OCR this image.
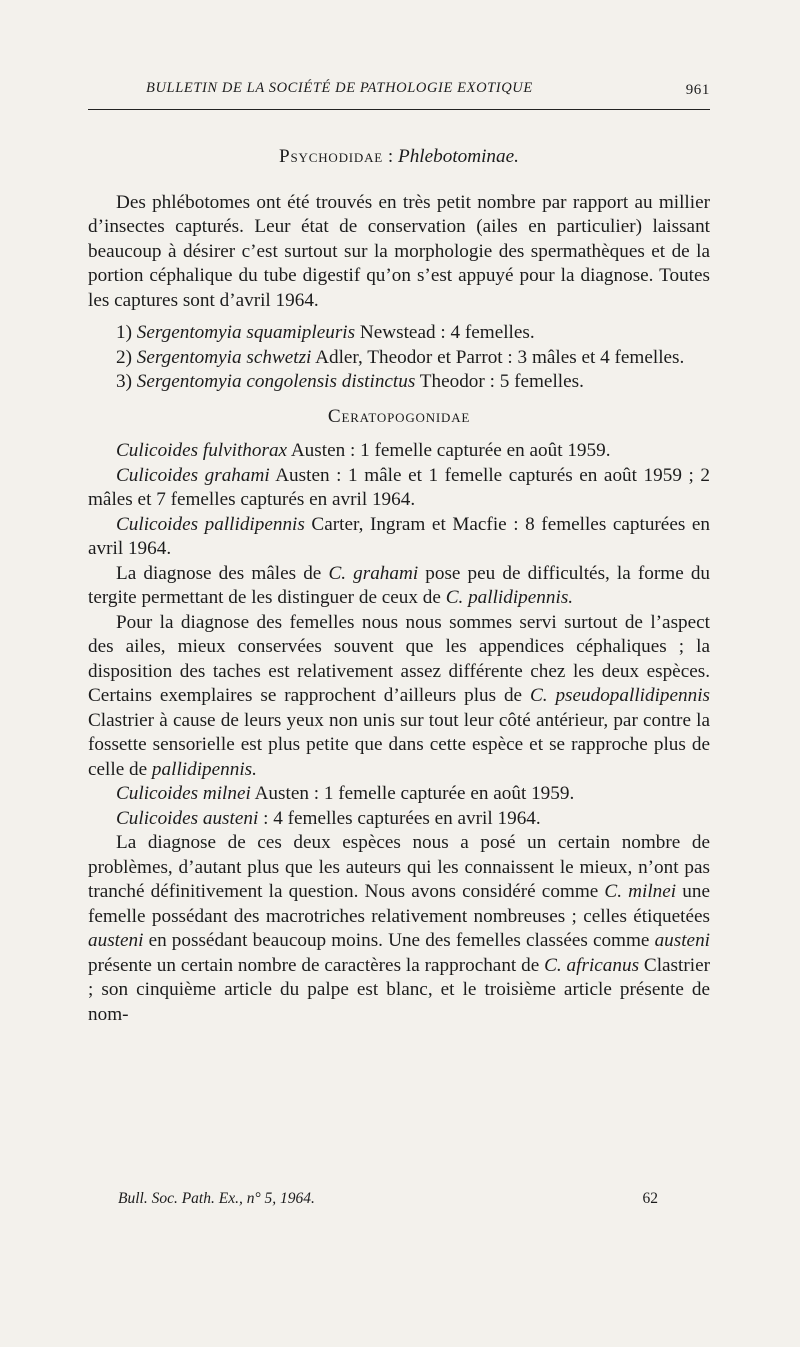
BULLETIN DE LA SOCIÉTÉ DE PATHOLOGIE EXOTIQUE	961
Psychodidae : Phlebotominae.

Des phlébotomes ont été trouvés en très petit nombre par rapport au millier d’insectes capturés. Leur état de conservation (ailes en particulier) laissant beaucoup à désirer c’est surtout sur la morphologie des spermathèques et de la portion céphalique du tube digestif qu’on s’est appuyé pour la diagnose. Toutes les captures sont d’avril 1964.

1) Sergentomyia squamipleuris Newstead : 4 femelles.

2) Sergentomyia schwetzi Adler, Theodor et Parrot : 3 mâles et 4 femelles.

3) Sergentomyia congolensis distinctus Theodor : 5 femelles.

Ceratopogonidae

Culicoides fulvithorax Austen : 1 femelle capturée en août 1959.

Culicoides grahami Austen : 1 mâle et 1 femelle capturés en août 1959 ; 2 mâles et 7 femelles capturés en avril 1964.

Culicoides pallidipennis Carter, Ingram et Macfie : 8 femelles capturées en avril 1964.

La diagnose des mâles de C. grahami pose peu de difficultés, la forme du tergite permettant de les distinguer de ceux de C. pallidipennis.

Pour la diagnose des femelles nous nous sommes servi surtout de l’aspect des ailes, mieux conservées souvent que les appendices céphaliques ; la disposition des taches est relativement assez différente chez les deux espèces. Certains exemplaires se rapprochent d’ailleurs plus de C. pseudopallidipennis Clastrier à cause de leurs yeux non unis sur tout leur côté antérieur, par contre la fossette sensorielle est plus petite que dans cette espèce et se rapproche plus de celle de pallidipennis.

Culicoides milnei Austen : 1 femelle capturée en août 1959.

Culicoides austeni : 4 femelles capturées en avril 1964.

La diagnose de ces deux espèces nous a posé un certain nombre de problèmes, d’autant plus que les auteurs qui les connaissent le mieux, n’ont pas tranché définitivement la question. Nous avons considéré comme C. milnei une femelle possédant des macrotriches relativement nombreuses ; celles étiquetées austeni en possédant beaucoup moins. Une des femelles classées comme austeni présente un certain nombre de caractères la rapprochant de C. africanus Clastrier ; son cinquième article du palpe est blanc, et le troisième article présente de nom-

Bull. Soc. Path. Ex., n° 5, 1964.	62
